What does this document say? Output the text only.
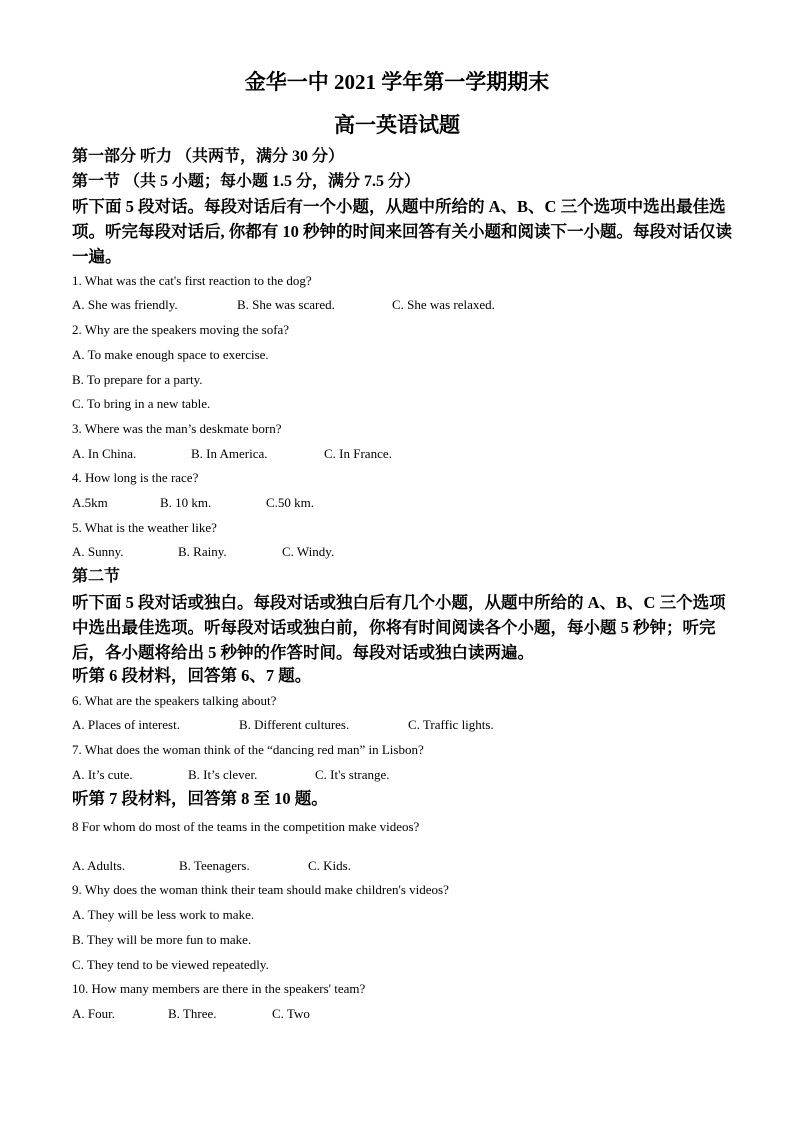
金华一中 2021 学年第一学期期末
高一英语试题
第一部分 听力 （共两节，满分 30 分）
第一节 （共 5 小题；每小题 1.5 分，满分 7.5 分）
听下面 5 段对话。每段对话后有一个小题，从题中所给的 A、B、C 三个选项中选出最佳选
项。听完每段对话后, 你都有 10 秒钟的时间来回答有关小题和阅读下一小题。每段对话仅读
一遍。
1. What was the cat's first reaction to the dog?
A. She was friendly.	B. She was scared.	C. She was relaxed.
2. Why are the speakers moving the sofa?
A. To make enough space to exercise.
B. To prepare for a party.
C. To bring in a new table.
3. Where was the man’s deskmate born?
A. In China.	B. In America.	C. In France.
4. How long is the race?
A.5km	B. 10 km.	C.50 km.
5. What is the weather like?
A. Sunny.	B. Rainy.	C. Windy.
第二节
听下面 5 段对话或独白。每段对话或独白后有几个小题，从题中所给的 A、B、C 三个选项
中选出最佳选项。听每段对话或独白前，你将有时间阅读各个小题，每小题 5 秒钟；听完
后，各小题将给出 5 秒钟的作答时间。每段对话或独白读两遍。
听第 6 段材料，回答第 6、7 题。
6. What are the speakers talking about?
A. Places of interest.	B. Different cultures.	C. Traffic lights.
7. What does the woman think of the “dancing red man” in Lisbon?
A. It’s cute.	B. It’s clever.	C. It's strange.
听第 7 段材料，回答第 8 至 10 题。
8 For whom do most of the teams in the competition make videos?
A. Adults.	B. Teenagers.	C. Kids.
9. Why does the woman think their team should make children's videos?
A. They will be less work to make.
B. They will be more fun to make.
C. They tend to be viewed repeatedly.
10. How many members are there in the speakers' team?
A. Four.	B. Three.	C. Two
